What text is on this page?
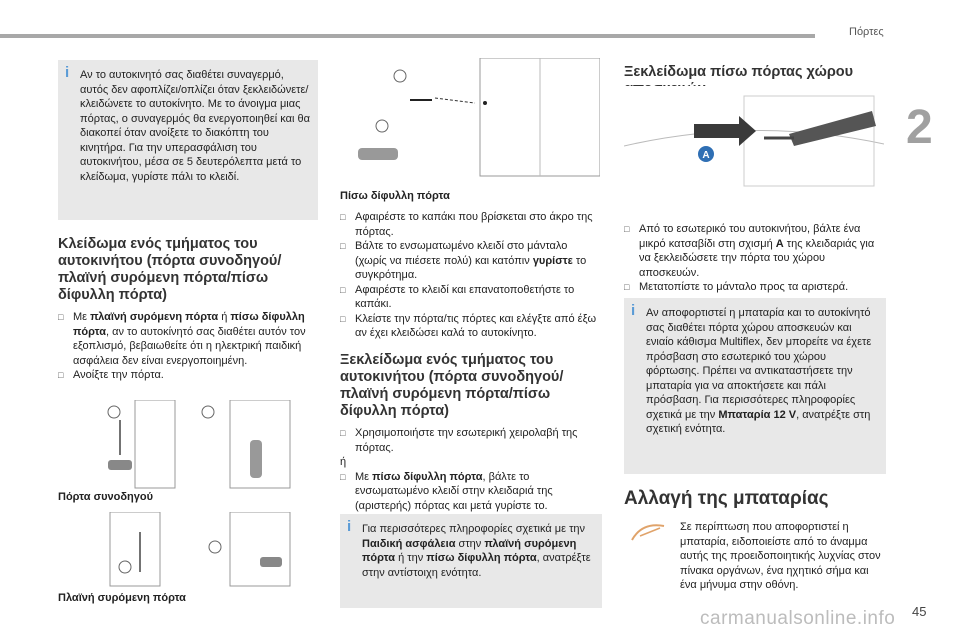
Πόρτες
2
i Αν το αυτοκινητό σας διαθέτει συναγερμό, αυτός δεν αφοπλίζει/οπλίζει όταν ξεκλειδώνετε/κλειδώνετε το αυτοκίνητο. Με το άνοιγμα μιας πόρτας, ο συναγερμός θα ενεργοποιηθεί και θα διακοπεί όταν ανοίξετε το διακόπτη του κινητήρα. Για την υπερασφάλιση του αυτοκινήτου, μέσα σε 5 δευτερόλεπτα μετά το κλείδωμα, γυρίστε πάλι το κλειδί.
Κλείδωμα ενός τμήματος του αυτοκινήτου (πόρτα συνοδηγού/πλαϊνή συρόμενη πόρτα/πίσω δίφυλλη πόρτα)
□ Με πλαϊνή συρόμενη πόρτα ή πίσω δίφυλλη πόρτα, αν το αυτοκίνητό σας διαθέτει αυτόν τον εξοπλισμό, βεβαιωθείτε ότι η ηλεκτρική παιδική ασφάλεια δεν είναι ενεργοποιημένη.
□ Ανοίξτε την πόρτα.
Πόρτα συνοδηγού
Πλαϊνή συρόμενη πόρτα
Πίσω δίφυλλη πόρτα
□ Αφαιρέστε το καπάκι που βρίσκεται στο άκρο της πόρτας.
□ Βάλτε το ενσωματωμένο κλειδί στο μάνταλο (χωρίς να πιέσετε πολύ) και κατόπιν γυρίστε το συγκρότημα.
□ Αφαιρέστε το κλειδί και επανατοποθετήστε το καπάκι.
□ Κλείστε την πόρτα/τις πόρτες και ελέγξτε από έξω αν έχει κλειδώσει καλά το αυτοκίνητο.
Ξεκλείδωμα ενός τμήματος του αυτοκινήτου (πόρτα συνοδηγού/πλαϊνή συρόμενη πόρτα/πίσω δίφυλλη πόρτα)
□ Χρησιμοποιήστε την εσωτερική χειρολαβή της πόρτας.
ή
□ Με πίσω δίφυλλη πόρτα, βάλτε το ενσωματωμένο κλειδί στην κλειδαριά της (αριστερής) πόρτας και μετά γυρίστε το.
i Για περισσότερες πληροφορίες σχετικά με την Παιδική ασφάλεια στην πλαϊνή συρόμενη πόρτα ή την πίσω δίφυλλη πόρτα, ανατρέξτε στην αντίστοιχη ενότητα.
Ξεκλείδωμα πίσω πόρτας χώρου αποσκευών
A
□ Από το εσωτερικό του αυτοκινήτου, βάλτε ένα μικρό κατσαβίδι στη σχισμή A της κλειδαριάς για να ξεκλειδώσετε την πόρτα του χώρου αποσκευών.
□ Μετατοπίστε το μάνταλο προς τα αριστερά.
i Αν αποφορτιστεί η μπαταρία και το αυτοκίνητό σας διαθέτει πόρτα χώρου αποσκευών και ενιαίο κάθισμα Multiflex, δεν μπορείτε να έχετε πρόσβαση στο εσωτερικό του χώρου φόρτωσης. Πρέπει να αντικαταστήσετε την μπαταρία για να αποκτήσετε και πάλι πρόσβαση. Για περισσότερες πληροφορίες σχετικά με την Μπαταρία 12 V, ανατρέξτε στη σχετική ενότητα.
Αλλαγή της μπαταρίας
Σε περίπτωση που αποφορτιστεί η μπαταρία, ειδοποιείστε από το άναμμα αυτής της προειδοποιητικής λυχνίας στον πίνακα οργάνων, ένα ηχητικό σήμα και ένα μήνυμα στην οθόνη.
carmanualsonline.info 45
